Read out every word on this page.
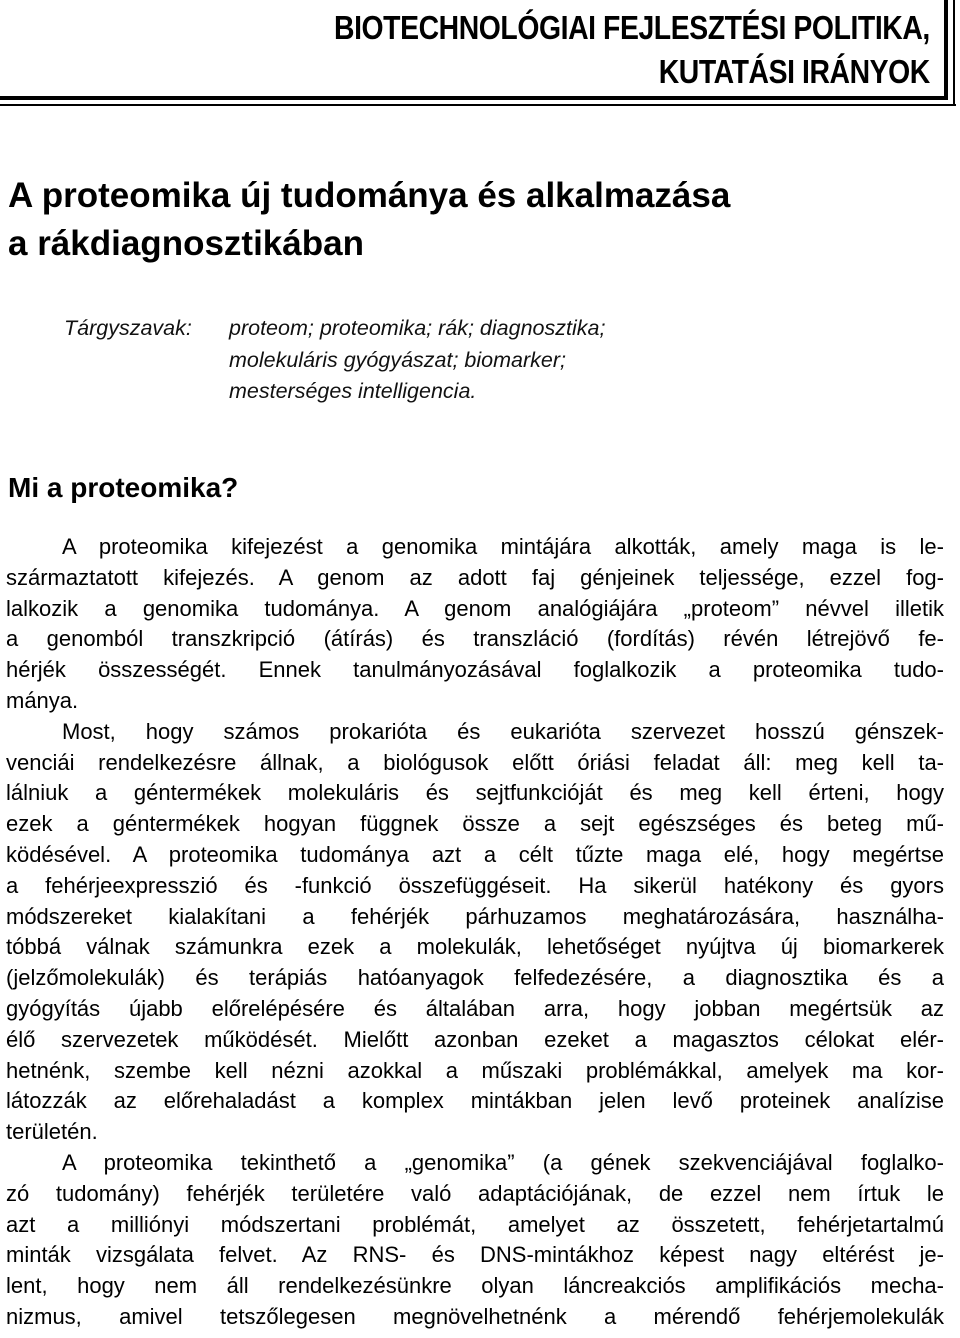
BIOTECHNOLÓGIAI FEJLESZTÉSI POLITIKA,
KUTATÁSI IRÁNYOK
A proteomika új tudománya és alkalmazása
a rákdiagnosztikában
Tárgyszavak:	proteom; proteomika; rák; diagnosztika;
molekuláris gyógyászat; biomarker;
mesterséges intelligencia.
Mi a proteomika?
A proteomika kifejezést a genomika mintájára alkották, amely maga is le-
származtatott kifejezés. A genom az adott faj génjeinek teljessége, ezzel fog-
lalkozik a genomika tudománya. A genom analógiájára „proteom” névvel illetik
a genomból transzkripció (átírás) és transzláció (fordítás) révén létrejövő fe-
hérjék összességét. Ennek tanulmányozásával foglalkozik a proteomika tudo-
mánya.
Most, hogy számos prokarióta és eukarióta szervezet hosszú génszek-
venciái rendelkezésre állnak, a biológusok előtt óriási feladat áll: meg kell ta-
lálniuk a géntermékek molekuláris és sejtfunkcióját és meg kell érteni, hogy
ezek a géntermékek hogyan függnek össze a sejt egészséges és beteg mű-
ködésével. A proteomika tudománya azt a célt tűzte maga elé, hogy megértse
a fehérjeexpresszió és -funkció összefüggéseit. Ha sikerül hatékony és gyors
módszereket kialakítani a fehérjék párhuzamos meghatározására, használha-
tóbbá válnak számunkra ezek a molekulák, lehetőséget nyújtva új biomarkerek
(jelzőmolekulák) és terápiás hatóanyagok felfedezésére, a diagnosztika és a
gyógyítás újabb előrelépésére és általában arra, hogy jobban megértsük az
élő szervezetek működését. Mielőtt azonban ezeket a magasztos célokat elér-
hetnénk, szembe kell nézni azokkal a műszaki problémákkal, amelyek ma kor-
látozzák az előrehaladást a komplex mintákban jelen levő proteinek analízise
területén.
A proteomika tekinthető a „genomika” (a gének szekvenciájával foglalko-
zó tudomány) fehérjék területére való adaptációjának, de ezzel nem írtuk le
azt a milliónyi módszertani problémát, amelyet az összetett, fehérjetartalmú
minták vizsgálata felvet. Az RNS- és DNS-mintákhoz képest nagy eltérést je-
lent, hogy nem áll rendelkezésünkre olyan láncreakciós amplifikációs mecha-
nizmus, amivel tetszőlegesen megnövelhetnénk a mérendő fehérjemolekulák
